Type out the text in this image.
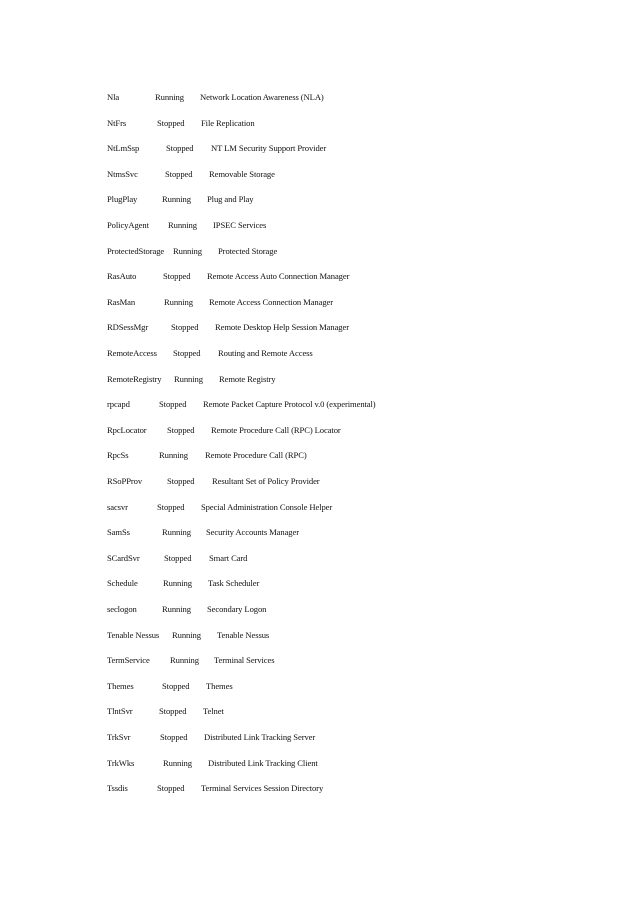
Nla	Running Network Location Awareness (NLA)
NtFrs	Stopped File Replication
NtLmSsp	Stopped NT LM Security Support Provider
NtmsSvc	Stopped Removable Storage
PlugPlay	Running Plug and Play
PolicyAgent Running IPSEC Services
ProtectedStorage Running Protected Storage
RasAuto	Stopped Remote Access Auto Connection Manager
RasMan	Running Remote Access Connection Manager
RDSessMgr	Stopped Remote Desktop Help Session Manager
RemoteAccess Stopped Routing and Remote Access
RemoteRegistry Running Remote Registry
rpcapd	Stopped Remote Packet Capture Protocol v.0 (experimental)
RpcLocator Stopped Remote Procedure Call (RPC) Locator
RpcSs	Running Remote Procedure Call (RPC)
RSoPProv	Stopped Resultant Set of Policy Provider
sacsvr	Stopped Special Administration Console Helper
SamSs	Running Security Accounts Manager
SCardSvr	Stopped Smart Card
Schedule	Running Task Scheduler
seclogon	Running Secondary Logon
Tenable Nessus Running Tenable Nessus
TermService Running Terminal Services
Themes	Stopped Themes
TlntSvr	Stopped Telnet
TrkSvr	Stopped Distributed Link Tracking Server
TrkWks	Running Distributed Link Tracking Client
Tssdis	Stopped Terminal Services Session Directory
